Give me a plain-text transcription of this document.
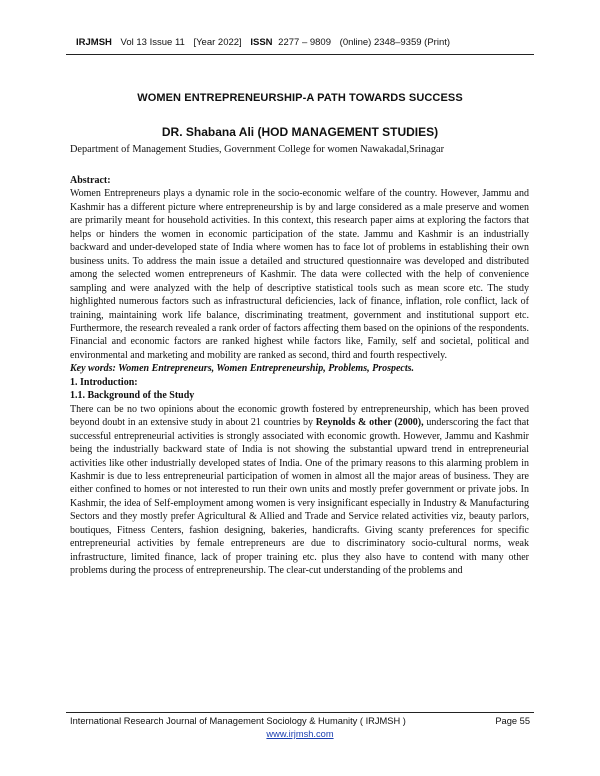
IRJMSH Vol 13 Issue 11 [Year 2022] ISSN 2277 – 9809 (0nline) 2348–9359 (Print)
WOMEN ENTREPRENEURSHIP-A PATH TOWARDS SUCCESS
DR. Shabana Ali (HOD MANAGEMENT STUDIES)
Department of Management Studies, Government College for women Nawakadal,Srinagar

Abstract:

Women Entrepreneurs plays a dynamic role in the socio-economic welfare of the country. However, Jammu and Kashmir has a different picture where entrepreneurship is by and large considered as a male preserve and women are primarily meant for household activities. In this context, this research paper aims at exploring the factors that helps or hinders the women in economic participation of the state. Jammu and Kashmir is an industrially backward and under-developed state of India where women has to face lot of problems in establishing their own business units. To address the main issue a detailed and structured questionnaire was developed and distributed among the selected women entrepreneurs of Kashmir. The data were collected with the help of convenience sampling and were analyzed with the help of descriptive statistical tools such as mean score etc. The study highlighted numerous factors such as infrastructural deficiencies, lack of finance, inflation, role conflict, lack of training, maintaining work life balance, discriminating treatment, government and institutional support etc. Furthermore, the research revealed a rank order of factors affecting them based on the opinions of the respondents. Financial and economic factors are ranked highest while factors like, Family, self and societal, political and environmental and marketing and mobility are ranked as second, third and fourth respectively.

Key words: Women Entrepreneurs, Women Entrepreneurship, Problems, Prospects.

1. Introduction:

1.1. Background of the Study

There can be no two opinions about the economic growth fostered by entrepreneurship, which has been proved beyond doubt in an extensive study in about 21 countries by Reynolds & other (2000), underscoring the fact that successful entrepreneurial activities is strongly associated with economic growth. However, Jammu and Kashmir being the industrially backward state of India is not showing the substantial upward trend in entrepreneurial activities like other industrially developed states of India. One of the primary reasons to this alarming problem in Kashmir is due to less entrepreneurial participation of women in almost all the major areas of business. They are either confined to homes or not interested to run their own units and mostly prefer government or private jobs. In Kashmir, the idea of Self-employment among women is very insignificant especially in Industry & Manufacturing Sectors and they mostly prefer Agricultural & Allied and Trade and Service related activities viz, beauty parlors, boutiques, Fitness Centers, fashion designing, bakeries, handicrafts. Giving scanty preferences for specific entrepreneurial activities by female entrepreneurs are due to discriminatory socio-cultural norms, weak infrastructure, limited finance, lack of proper training etc. plus they also have to contend with many other problems during the process of entrepreneurship. The clear-cut understanding of the problems and

International Research Journal of Management Sociology & Humanity ( IRJMSH )	Page 55
www.irjmsh.com
